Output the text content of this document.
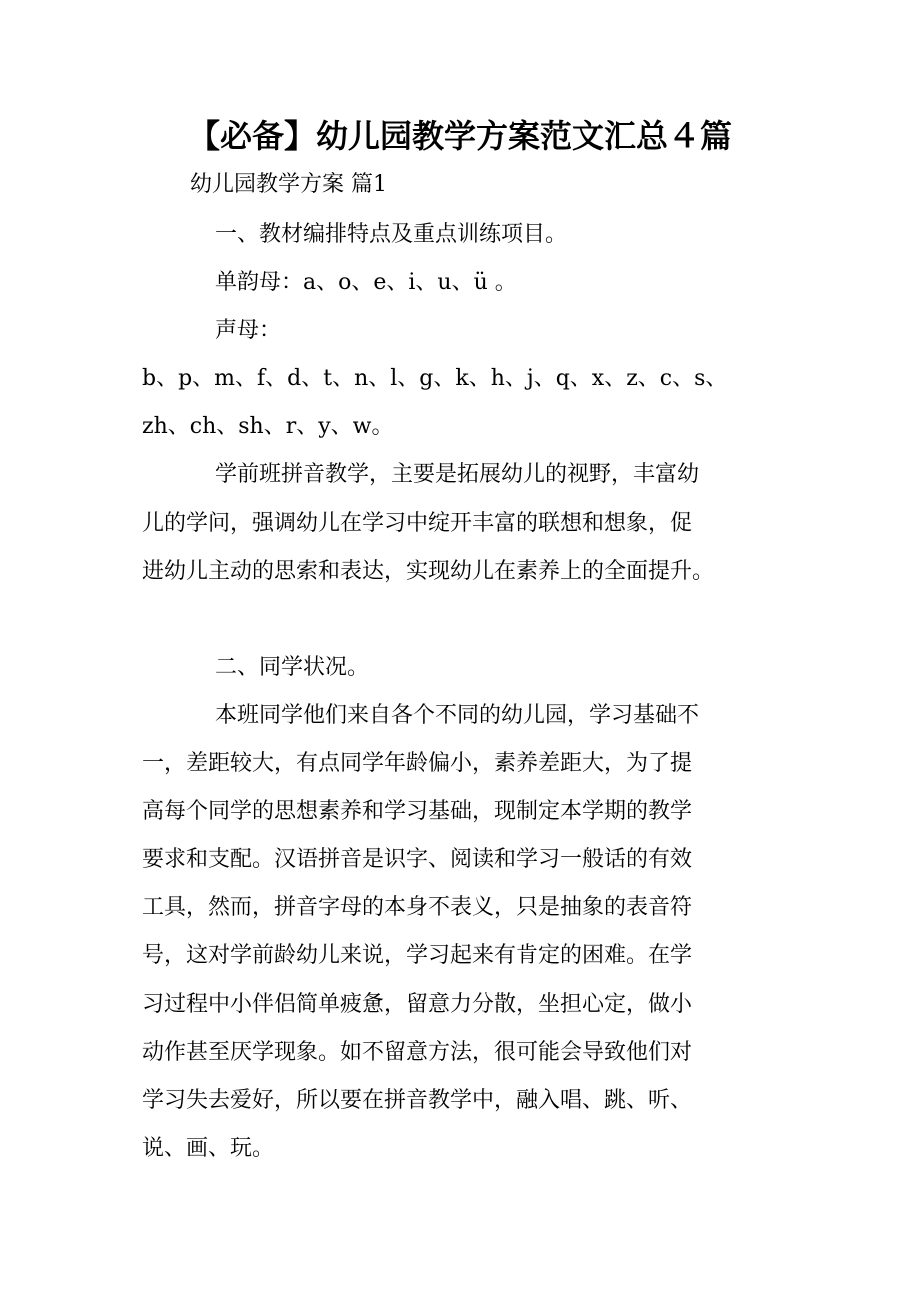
【必备】幼儿园教学方案范文汇总４篇

幼儿园教学方案 篇1

一、教材编排特点及重点训练项目。

单韵母：a、o、e、i、u、ü 。

声母：

b、p、m、f、d、t、n、l、g、k、h、j、q、x、z、c、s、

zh、ch、sh、r、y、w。

学前班拼音教学，主要是拓展幼儿的视野，丰富幼

儿的学问，强调幼儿在学习中绽开丰富的联想和想象，促

进幼儿主动的思索和表达，实现幼儿在素养上的全面提升。

二、同学状况。

本班同学他们来自各个不同的幼儿园，学习基础不

一，差距较大，有点同学年龄偏小，素养差距大，为了提

高每个同学的思想素养和学习基础，现制定本学期的教学

要求和支配。汉语拼音是识字、阅读和学习一般话的有效

工具，然而，拼音字母的本身不表义，只是抽象的表音符

号，这对学前龄幼儿来说，学习起来有肯定的困难。在学

习过程中小伴侣简单疲惫，留意力分散，坐担心定，做小

动作甚至厌学现象。如不留意方法，很可能会导致他们对

学习失去爱好，所以要在拼音教学中，融入唱、跳、听、

说、画、玩。
